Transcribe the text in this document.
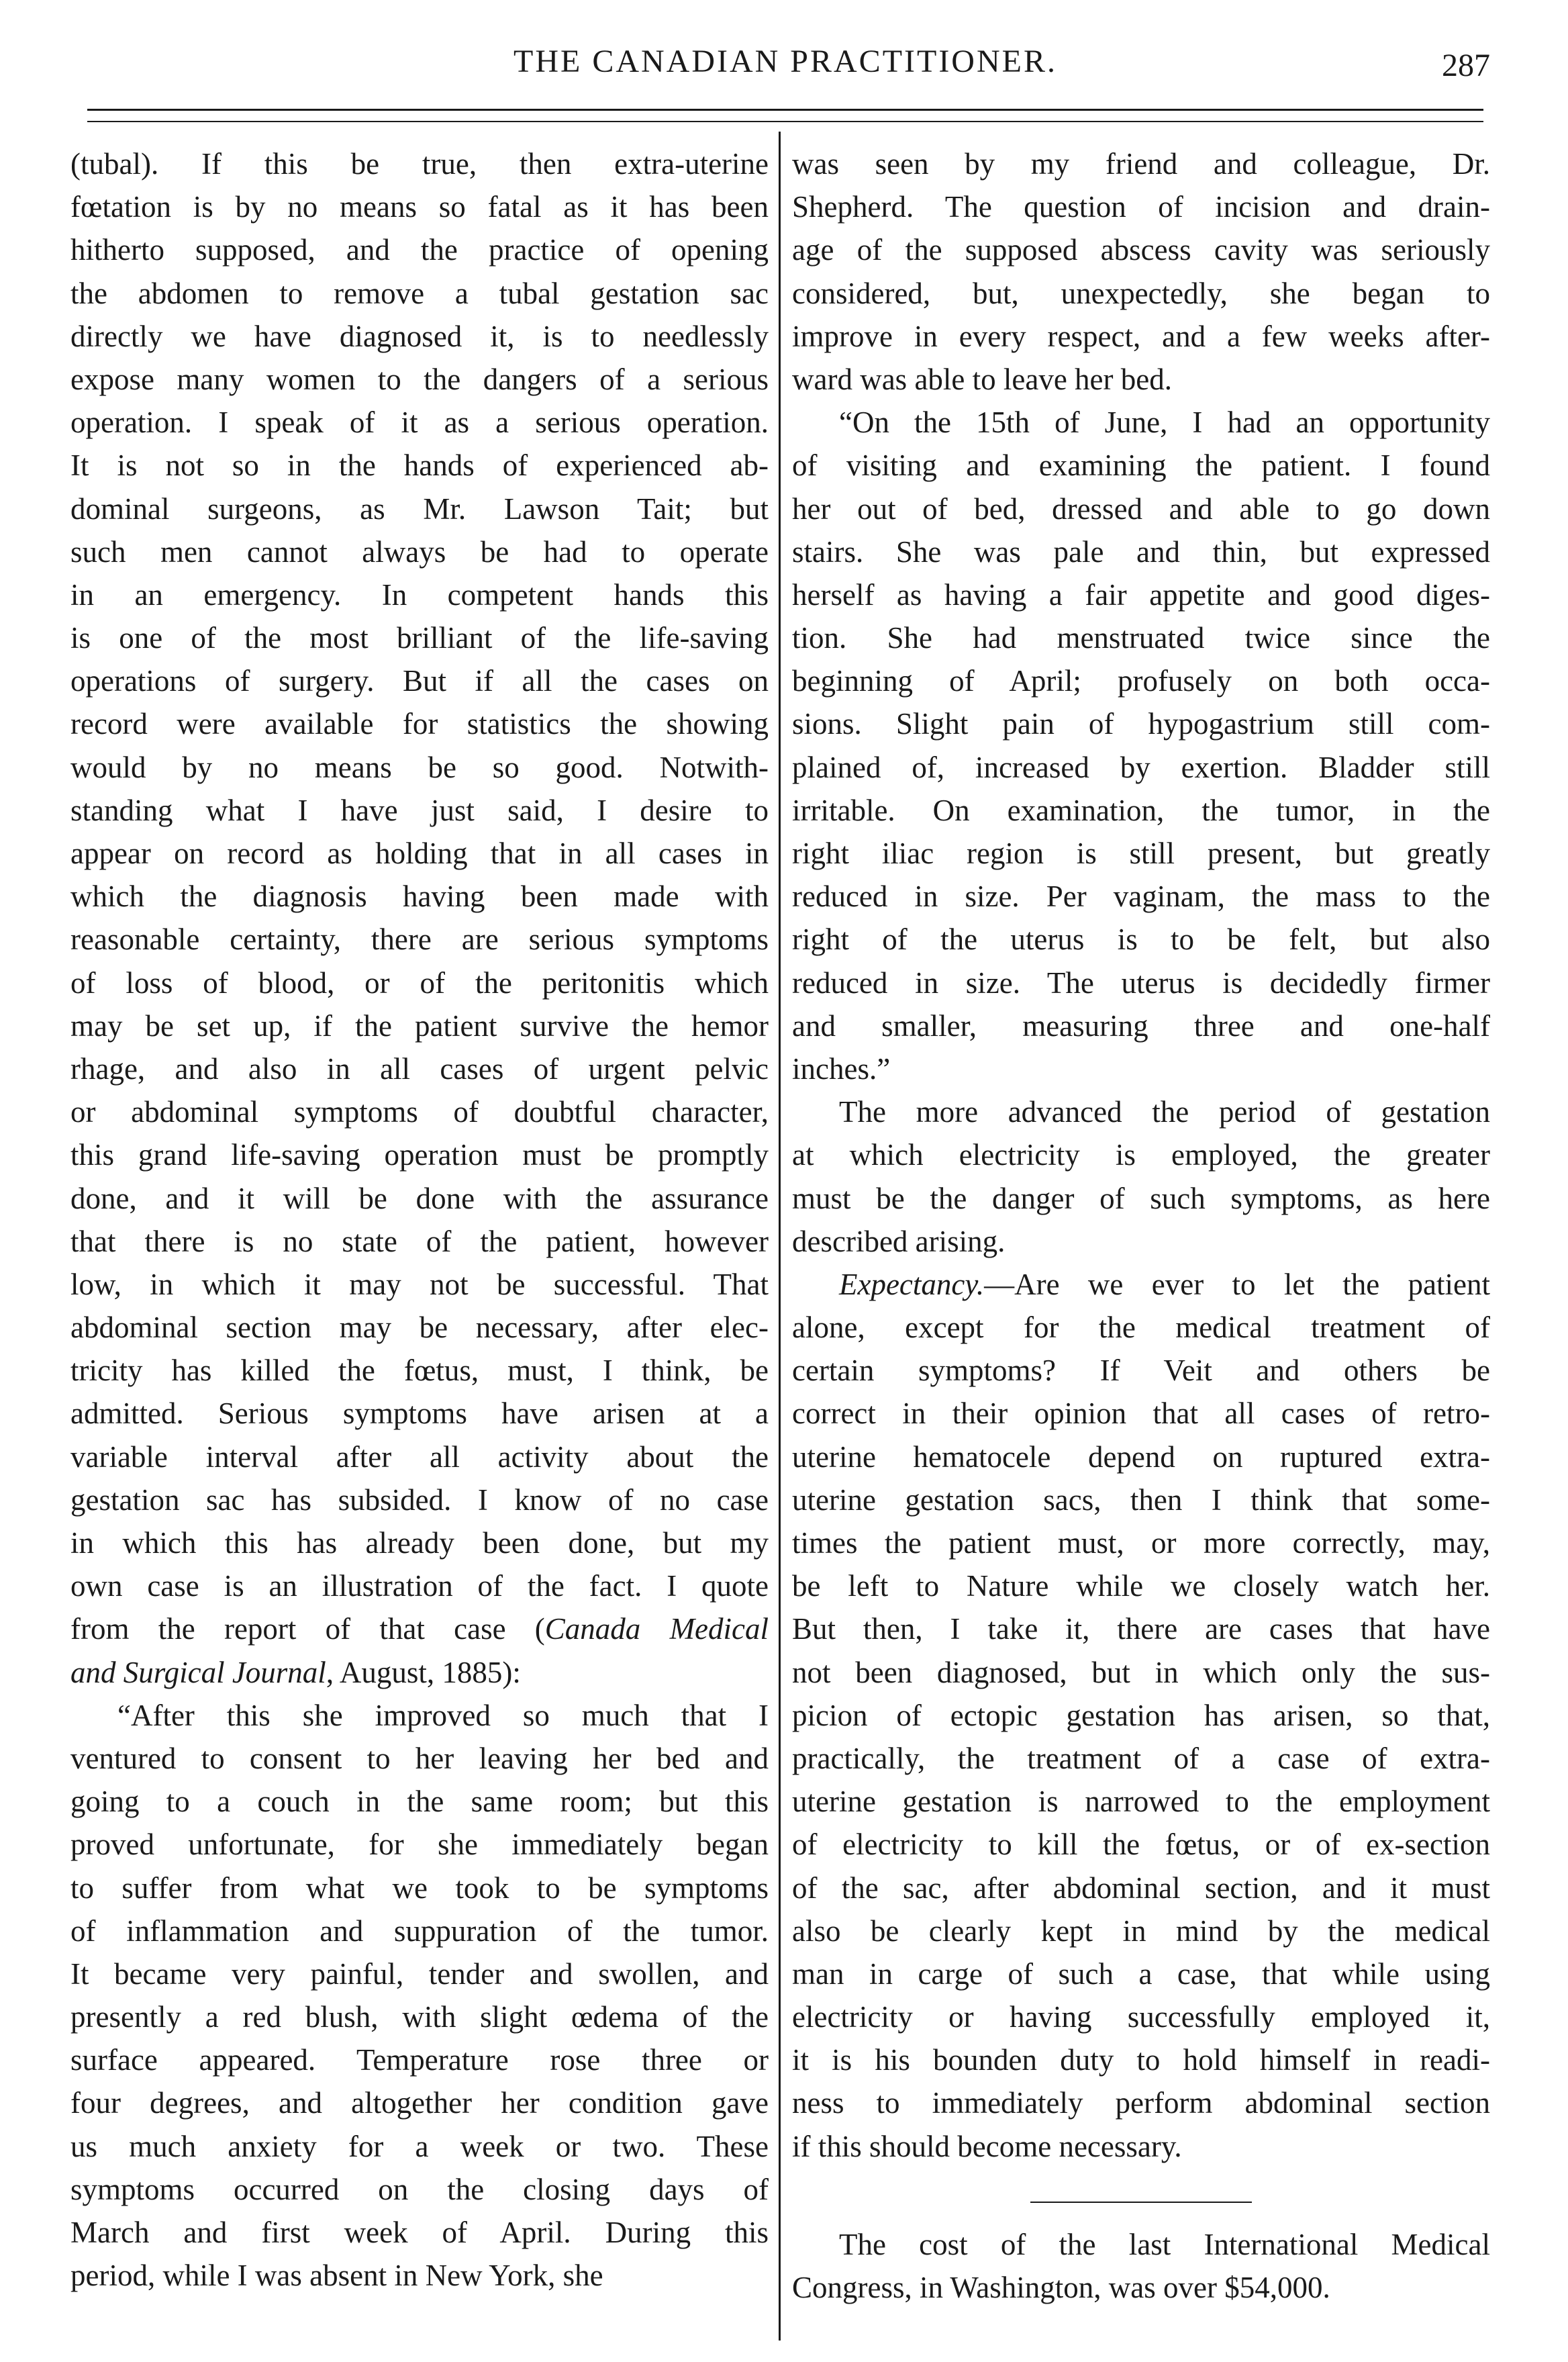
THE CANADIAN PRACTITIONER.	287
(tubal). If this be true, then extra-uterine
fœtation is by no means so fatal as it has been
hitherto supposed, and the practice of opening
the abdomen to remove a tubal gestation sac
directly we have diagnosed it, is to needlessly
expose many women to the dangers of a serious
operation. I speak of it as a serious operation.
It is not so in the hands of experienced ab-
dominal surgeons, as Mr. Lawson Tait; but
such men cannot always be had to operate
in an emergency. In competent hands this
is one of the most brilliant of the life-saving
operations of surgery. But if all the cases on
record were available for statistics the showing
would by no means be so good. Notwith-
standing what I have just said, I desire to
appear on record as holding that in all cases in
which the diagnosis having been made with
reasonable certainty, there are serious symptoms
of loss of blood, or of the peritonitis which
may be set up, if the patient survive the hemor
rhage, and also in all cases of urgent pelvic
or abdominal symptoms of doubtful character,
this grand life-saving operation must be promptly
done, and it will be done with the assurance
that there is no state of the patient, however
low, in which it may not be successful. That
abdominal section may be necessary, after elec-
tricity has killed the fœtus, must, I think, be
admitted. Serious symptoms have arisen at a
variable interval after all activity about the
gestation sac has subsided. I know of no case
in which this has already been done, but my
own case is an illustration of the fact. I quote
from the report of that case (Canada Medical
and Surgical Journal, August, 1885):
“After this she improved so much that I
ventured to consent to her leaving her bed and
going to a couch in the same room; but this
proved unfortunate, for she immediately began
to suffer from what we took to be symptoms
of inflammation and suppuration of the tumor.
It became very painful, tender and swollen, and
presently a red blush, with slight œdema of the
surface appeared. Temperature rose three or
four degrees, and altogether her condition gave
us much anxiety for a week or two. These
symptoms occurred on the closing days of
March and first week of April. During this
period, while I was absent in New York, she
was seen by my friend and colleague, Dr.
Shepherd. The question of incision and drain-
age of the supposed abscess cavity was seriously
considered, but, unexpectedly, she began to
improve in every respect, and a few weeks after-
ward was able to leave her bed.
“On the 15th of June, I had an opportunity
of visiting and examining the patient. I found
her out of bed, dressed and able to go down
stairs. She was pale and thin, but expressed
herself as having a fair appetite and good diges-
tion. She had menstruated twice since the
beginning of April; profusely on both occa-
sions. Slight pain of hypogastrium still com-
plained of, increased by exertion. Bladder still
irritable. On examination, the tumor, in the
right iliac region is still present, but greatly
reduced in size. Per vaginam, the mass to the
right of the uterus is to be felt, but also
reduced in size. The uterus is decidedly firmer
and smaller, measuring three and one-half
inches.”
The more advanced the period of gestation
at which electricity is employed, the greater
must be the danger of such symptoms, as here
described arising.
Expectancy.—Are we ever to let the patient
alone, except for the medical treatment of
certain symptoms? If Veit and others be
correct in their opinion that all cases of retro-
uterine hematocele depend on ruptured extra-
uterine gestation sacs, then I think that some-
times the patient must, or more correctly, may,
be left to Nature while we closely watch her.
But then, I take it, there are cases that have
not been diagnosed, but in which only the sus-
picion of ectopic gestation has arisen, so that,
practically, the treatment of a case of extra-
uterine gestation is narrowed to the employment
of electricity to kill the fœtus, or of ex-section
of the sac, after abdominal section, and it must
also be clearly kept in mind by the medical
man in carge of such a case, that while using
electricity or having successfully employed it,
it is his bounden duty to hold himself in readi-
ness to immediately perform abdominal section
if this should become necessary.
The cost of the last International Medical
Congress, in Washington, was over $54,000.
